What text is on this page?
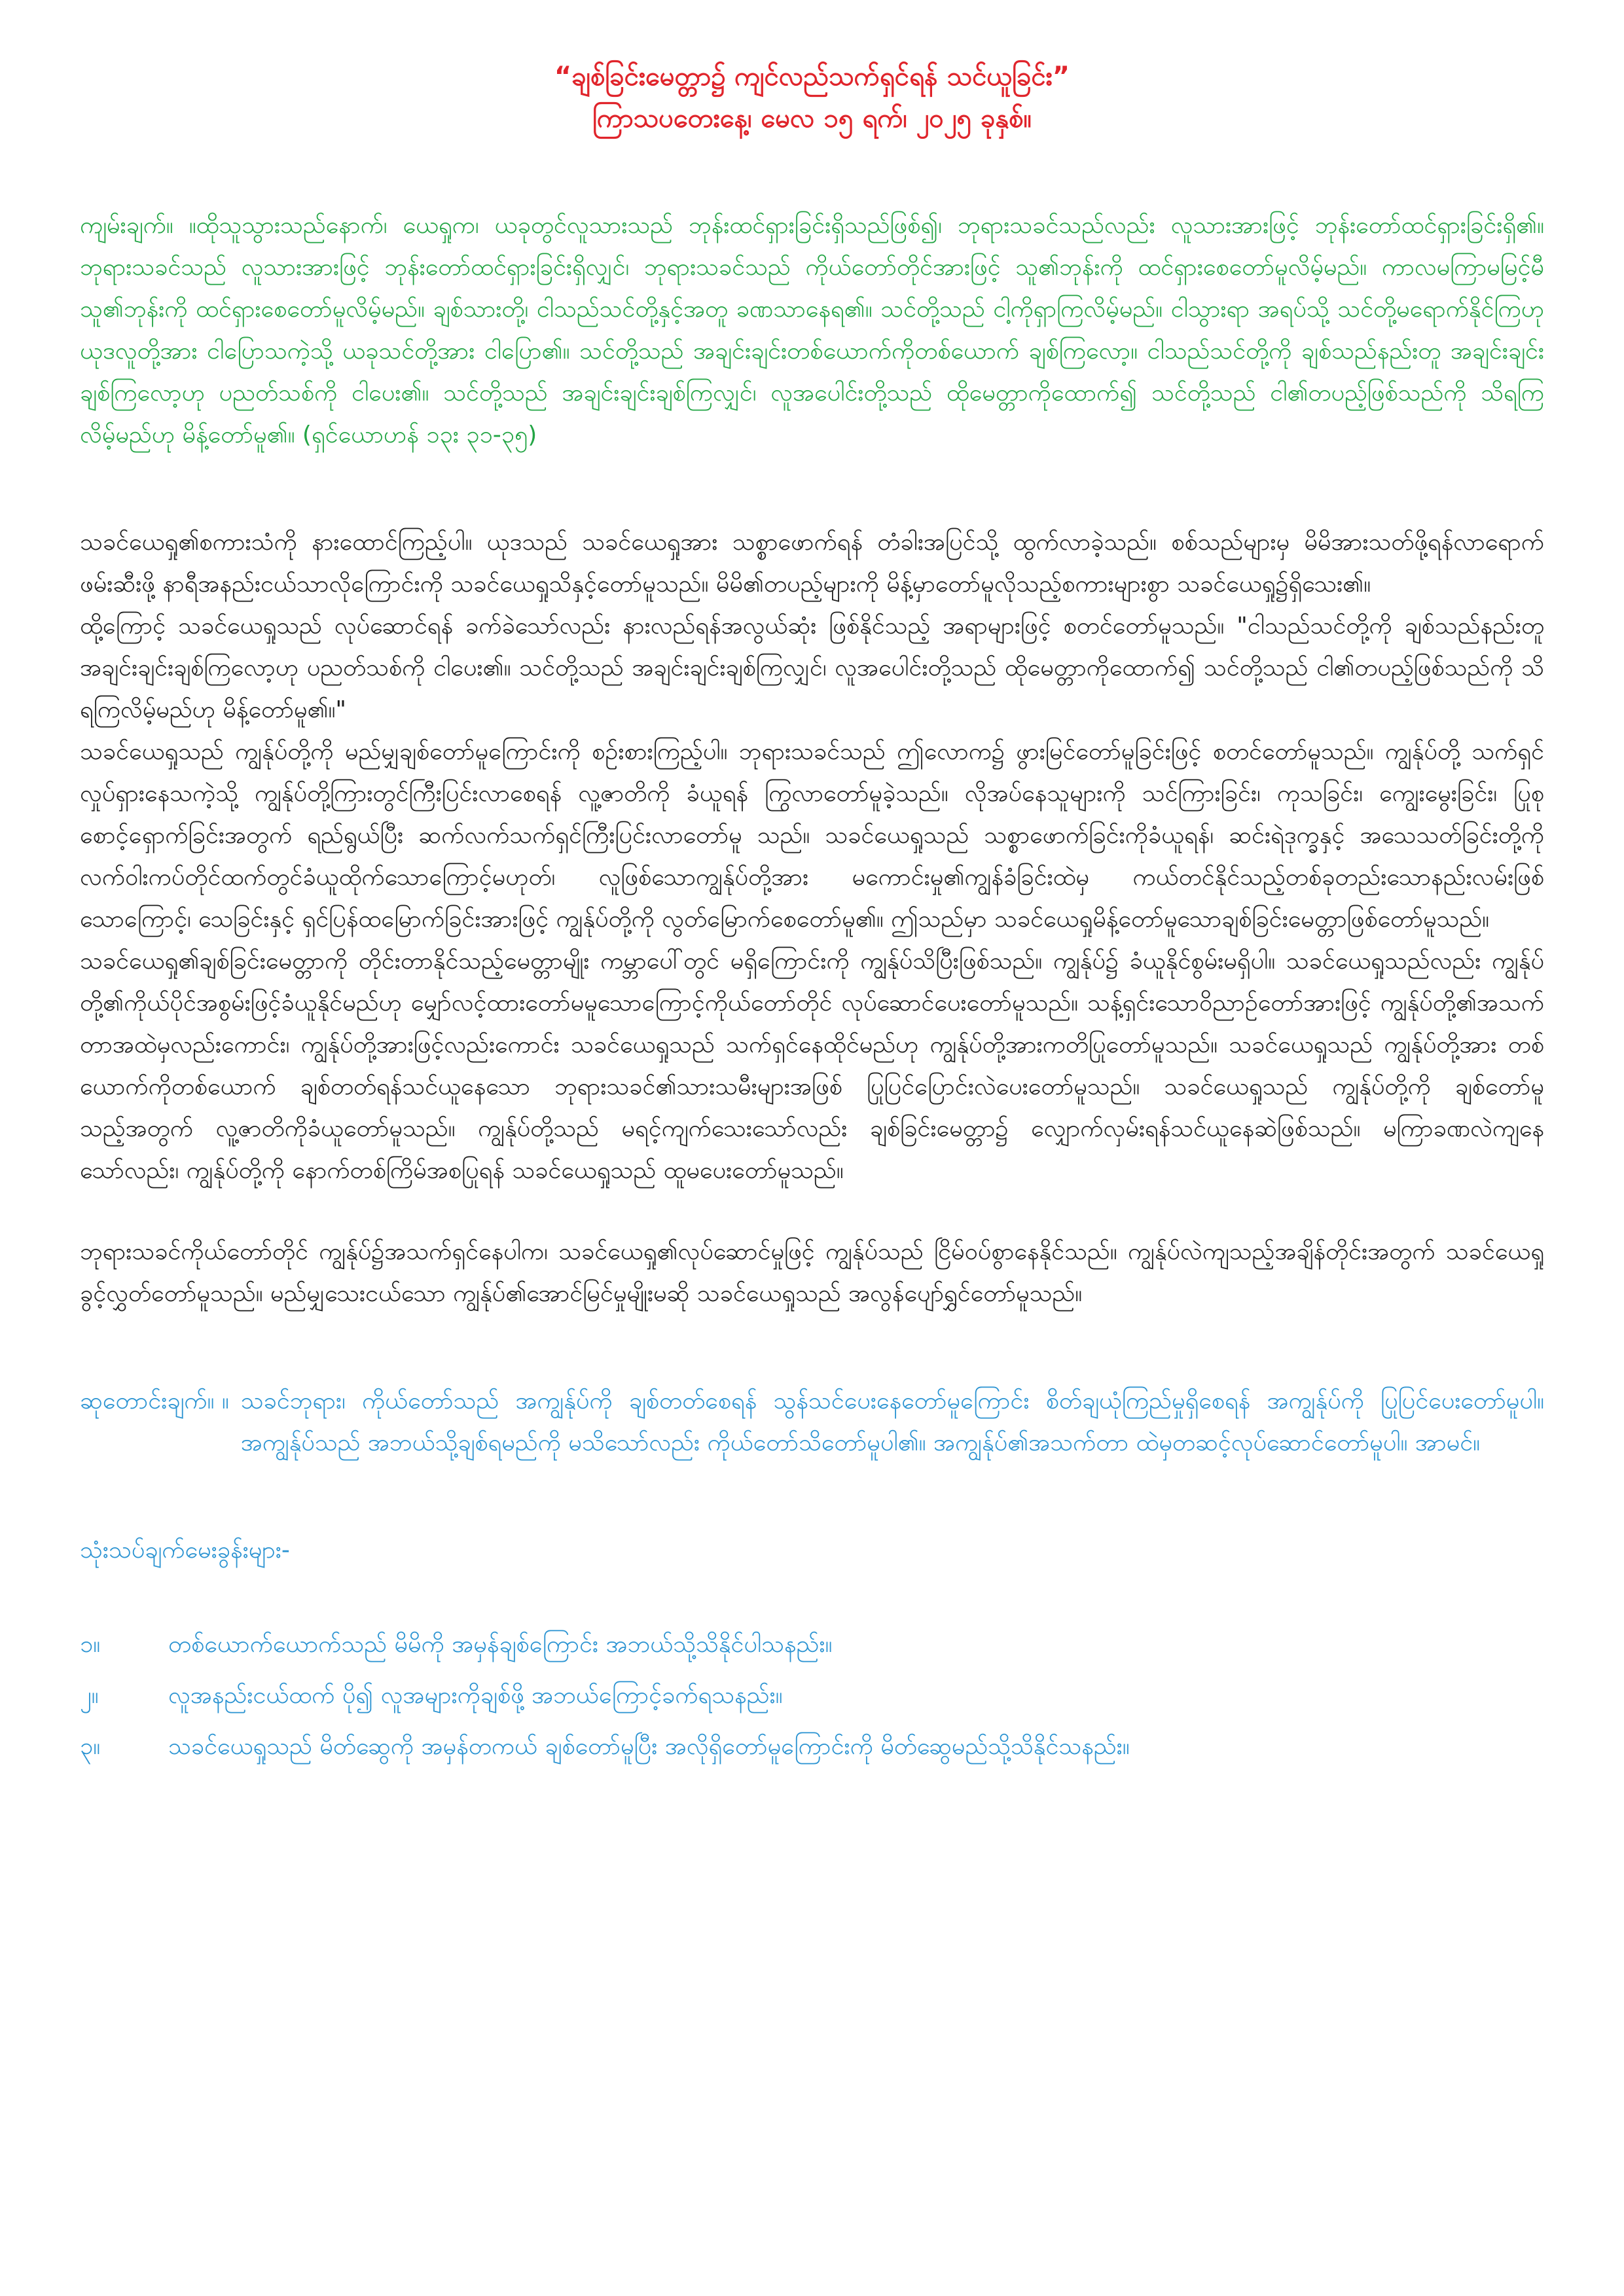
“ချစ်ခြင်းမေတ္တာ၌ ကျင်လည်သက်ရှင်ရန် သင်ယူခြင်း”
ကြာသပတေးနေ့၊ မေလ ၁၅ ရက်၊ ၂၀၂၅ ခုနှစ်။

ကျမ်းချက်။ ။ထိုသူသွားသည်နောက်၊ ယေရှုက၊ ယခုတွင်လူသားသည် ဘုန်းထင်ရှားခြင်းရှိသည်ဖြစ်၍၊ ဘုရားသခင်သည်လည်း လူသားအားဖြင့် ဘုန်းတော်ထင်ရှားခြင်းရှိ၏။ ဘုရားသခင်သည် လူသားအားဖြင့် ဘုန်းတော်ထင်ရှားခြင်းရှိလျှင်၊ ဘုရားသခင်သည် ကိုယ်တော်တိုင်အားဖြင့် သူ၏ဘုန်းကို ထင်ရှားစေတော်မူလိမ့်မည်။ ကာလမကြာမမြင့်မီ သူ၏ဘုန်းကို ထင်ရှားစေတော်မူလိမ့်မည်။ ချစ်သားတို့၊ ငါသည်သင်တို့နှင့်အတူ ခဏသာနေရ၏။ သင်တို့သည် ငါ့ကိုရှာကြလိမ့်မည်။ ငါသွားရာ အရပ်သို့ သင်တို့မရောက်နိုင်ကြဟု ယုဒလူတို့အား ငါပြောသကဲ့သို့ ယခုသင်တို့အား ငါပြော၏။ သင်တို့သည် အချင်းချင်းတစ်ယောက်ကိုတစ်ယောက် ချစ်ကြလော့။ ငါသည်သင်တို့ကို ချစ်သည်နည်းတူ အချင်းချင်းချစ်ကြလော့ဟု ပညတ်သစ်ကို ငါပေး၏။ သင်တို့သည် အချင်းချင်းချစ်ကြလျှင်၊ လူအပေါင်းတို့သည် ထိုမေတ္တာကိုထောက်၍ သင်တို့သည် ငါ၏တပည့်ဖြစ်သည်ကို သိရကြလိမ့်မည်ဟု မိန့်တော်မူ၏။ (ရှင်ယောဟန် ၁၃း ၃၁-၃၅)

သခင်ယေရှု၏စကားသံကို နားထောင်ကြည့်ပါ။ ယုဒသည် သခင်ယေရှုအား သစ္စာဖောက်ရန် တံခါးအပြင်သို့ ထွက်လာခဲ့သည်။ စစ်သည်များမှ မိမိအားသတ်ဖို့ရန်လာရောက်ဖမ်းဆီးဖို့ နာရီအနည်းငယ်သာလိုကြောင်းကို သခင်ယေရှုသိနှင့်တော်မူသည်။ မိမိ၏တပည့်များကို မိန့်မှာတော်မူလိုသည့်စကားများစွာ သခင်ယေရှု၌ရှိသေး၏။

ထို့ကြောင့် သခင်ယေရှုသည် လုပ်ဆောင်ရန် ခက်ခဲသော်လည်း နားလည်ရန်အလွယ်ဆုံး ဖြစ်နိုင်သည့် အရာများဖြင့် စတင်တော်မူသည်။ "ငါသည်သင်တို့ကို ချစ်သည်နည်းတူ အချင်းချင်းချစ်ကြလော့ဟု ပညတ်သစ်ကို ငါပေး၏။ သင်တို့သည် အချင်းချင်းချစ်ကြလျှင်၊ လူအပေါင်းတို့သည် ထိုမေတ္တာကိုထောက်၍ သင်တို့သည် ငါ၏တပည့်ဖြစ်သည်ကို သိရကြလိမ့်မည်ဟု မိန့်တော်မူ၏။"

သခင်ယေရှုသည် ကျွန်ုပ်တို့ကို မည်မျှချစ်တော်မူကြောင်းကို စဉ်းစားကြည့်ပါ။ ဘုရားသခင်သည် ဤလောက၌ ဖွားမြင်တော်မူခြင်းဖြင့် စတင်တော်မူသည်။ ကျွန်ုပ်တို့ သက်ရှင်လှုပ်ရှားနေသကဲ့သို့ ကျွန်ုပ်တို့ကြားတွင်ကြီးပြင်းလာစေရန် လူ့ဇာတိကို ခံယူရန် ကြွလာတော်မူခဲ့သည်။ လိုအပ်နေသူများကို သင်ကြားခြင်း၊ ကုသခြင်း၊ ကျွေးမွေးခြင်း၊ ပြုစုစောင့်ရှောက်ခြင်းအတွက် ရည်ရွယ်ပြီး ဆက်လက်သက်ရှင်ကြီးပြင်းလာတော်မူ သည်။ သခင်ယေရှုသည် သစ္စာဖောက်ခြင်းကိုခံယူရန်၊ ဆင်းရဲဒုက္ခနှင့် အသေသတ်ခြင်းတို့ကို လက်ဝါးကပ်တိုင်ထက်တွင်ခံယူထိုက်သောကြောင့်မဟုတ်၊ လူဖြစ်သောကျွန်ုပ်တို့အား မကောင်းမှု၏ကျွန်ခံခြင်းထဲမှ ကယ်တင်နိုင်သည့်တစ်ခုတည်းသောနည်းလမ်းဖြစ်သောကြောင့်၊ သေခြင်းနှင့် ရှင်ပြန်ထမြောက်ခြင်းအားဖြင့် ကျွန်ုပ်တို့ကို လွတ်မြောက်စေတော်မူ၏။ ဤသည်မှာ သခင်ယေရှုမိန့်တော်မူသောချစ်ခြင်းမေတ္တာဖြစ်တော်မူသည်။

သခင်ယေရှု၏ချစ်ခြင်းမေတ္တာကို တိုင်းတာနိုင်သည့်မေတ္တာမျိုး ကမ္ဘာပေါ်တွင် မရှိကြောင်းကို ကျွန်ုပ်သိပြီးဖြစ်သည်။ ကျွန်ုပ်၌ ခံယူနိုင်စွမ်းမရှိပါ။ သခင်ယေရှုသည်လည်း ကျွန်ုပ်တို့၏ကိုယ်ပိုင်အစွမ်းဖြင့်ခံယူနိုင်မည်ဟု မျှော်လင့်ထားတော်မမူသောကြောင့်ကိုယ်တော်တိုင် လုပ်ဆောင်ပေးတော်မူသည်။ သန့်ရှင်းသောဝိညာဉ်တော်အားဖြင့် ကျွန်ုပ်တို့၏အသက်တာအထဲမှလည်းကောင်း၊ ကျွန်ုပ်တို့အားဖြင့်လည်းကောင်း သခင်ယေရှုသည် သက်ရှင်နေထိုင်မည်ဟု ကျွန်ုပ်တို့အားကတိပြုတော်မူသည်။ သခင်ယေရှုသည် ကျွန်ုပ်တို့အား တစ်ယောက်ကိုတစ်ယောက် ချစ်တတ်ရန်သင်ယူနေသော ဘုရားသခင်၏သားသမီးများအဖြစ် ပြုပြင်ပြောင်းလဲပေးတော်မူသည်။ သခင်ယေရှုသည် ကျွန်ုပ်တို့ကို ချစ်တော်မူသည့်အတွက် လူ့ဇာတိကိုခံယူတော်မူသည်။ ကျွန်ုပ်တို့သည် မရင့်ကျက်သေးသော်လည်း ချစ်ခြင်းမေတ္တာ၌ လျှောက်လှမ်းရန်သင်ယူနေဆဲဖြစ်သည်။ မကြာခဏလဲကျနေသော်လည်း၊ ကျွန်ုပ်တို့ကို နောက်တစ်ကြိမ်အစပြုရန် သခင်ယေရှုသည် ထူမပေးတော်မူသည်။

ဘုရားသခင်ကိုယ်တော်တိုင် ကျွန်ုပ်၌အသက်ရှင်နေပါက၊ သခင်ယေရှု၏လုပ်ဆောင်မှုဖြင့် ကျွန်ုပ်သည် ငြိမ်ဝပ်စွာနေနိုင်သည်။ ကျွန်ုပ်လဲကျသည့်အချိန်တိုင်းအတွက် သခင်ယေရှု ခွင့်လွှတ်တော်မူသည်။ မည်မျှသေးငယ်သော ကျွန်ုပ်၏အောင်မြင်မှုမျိုးမဆို သခင်ယေရှုသည် အလွန်ပျော်ရွှင်တော်မူသည်။

ဆုတောင်းချက်။ ။ သခင်ဘုရား၊ ကိုယ်တော်သည် အကျွန်ုပ်ကို ချစ်တတ်စေရန် သွန်သင်ပေးနေတော်မူကြောင်း စိတ်ချယုံကြည်မှုရှိစေရန် အကျွန်ုပ်ကို ပြုပြင်ပေးတော်မူပါ။ အကျွန်ုပ်သည် အဘယ်သို့ချစ်ရမည်ကို မသိသော်လည်း ကိုယ်တော်သိတော်မူပါ၏။ အကျွန်ုပ်၏အသက်တာ ထဲမှတဆင့်လုပ်ဆောင်တော်မူပါ။ အာမင်။
သုံးသပ်ချက်မေးခွန်းများ-
၁။	တစ်ယောက်ယောက်သည် မိမိကို အမှန်ချစ်ကြောင်း အဘယ်သို့သိနိုင်ပါသနည်း။
၂။	လူအနည်းငယ်ထက် ပို၍ လူအများကိုချစ်ဖို့ အဘယ်ကြောင့်ခက်ရသနည်း။
၃။	သခင်ယေရှုသည် မိတ်ဆွေကို အမှန်တကယ် ချစ်တော်မူပြီး အလိုရှိတော်မူကြောင်းကို မိတ်ဆွေမည်သို့သိနိုင်သနည်း။
